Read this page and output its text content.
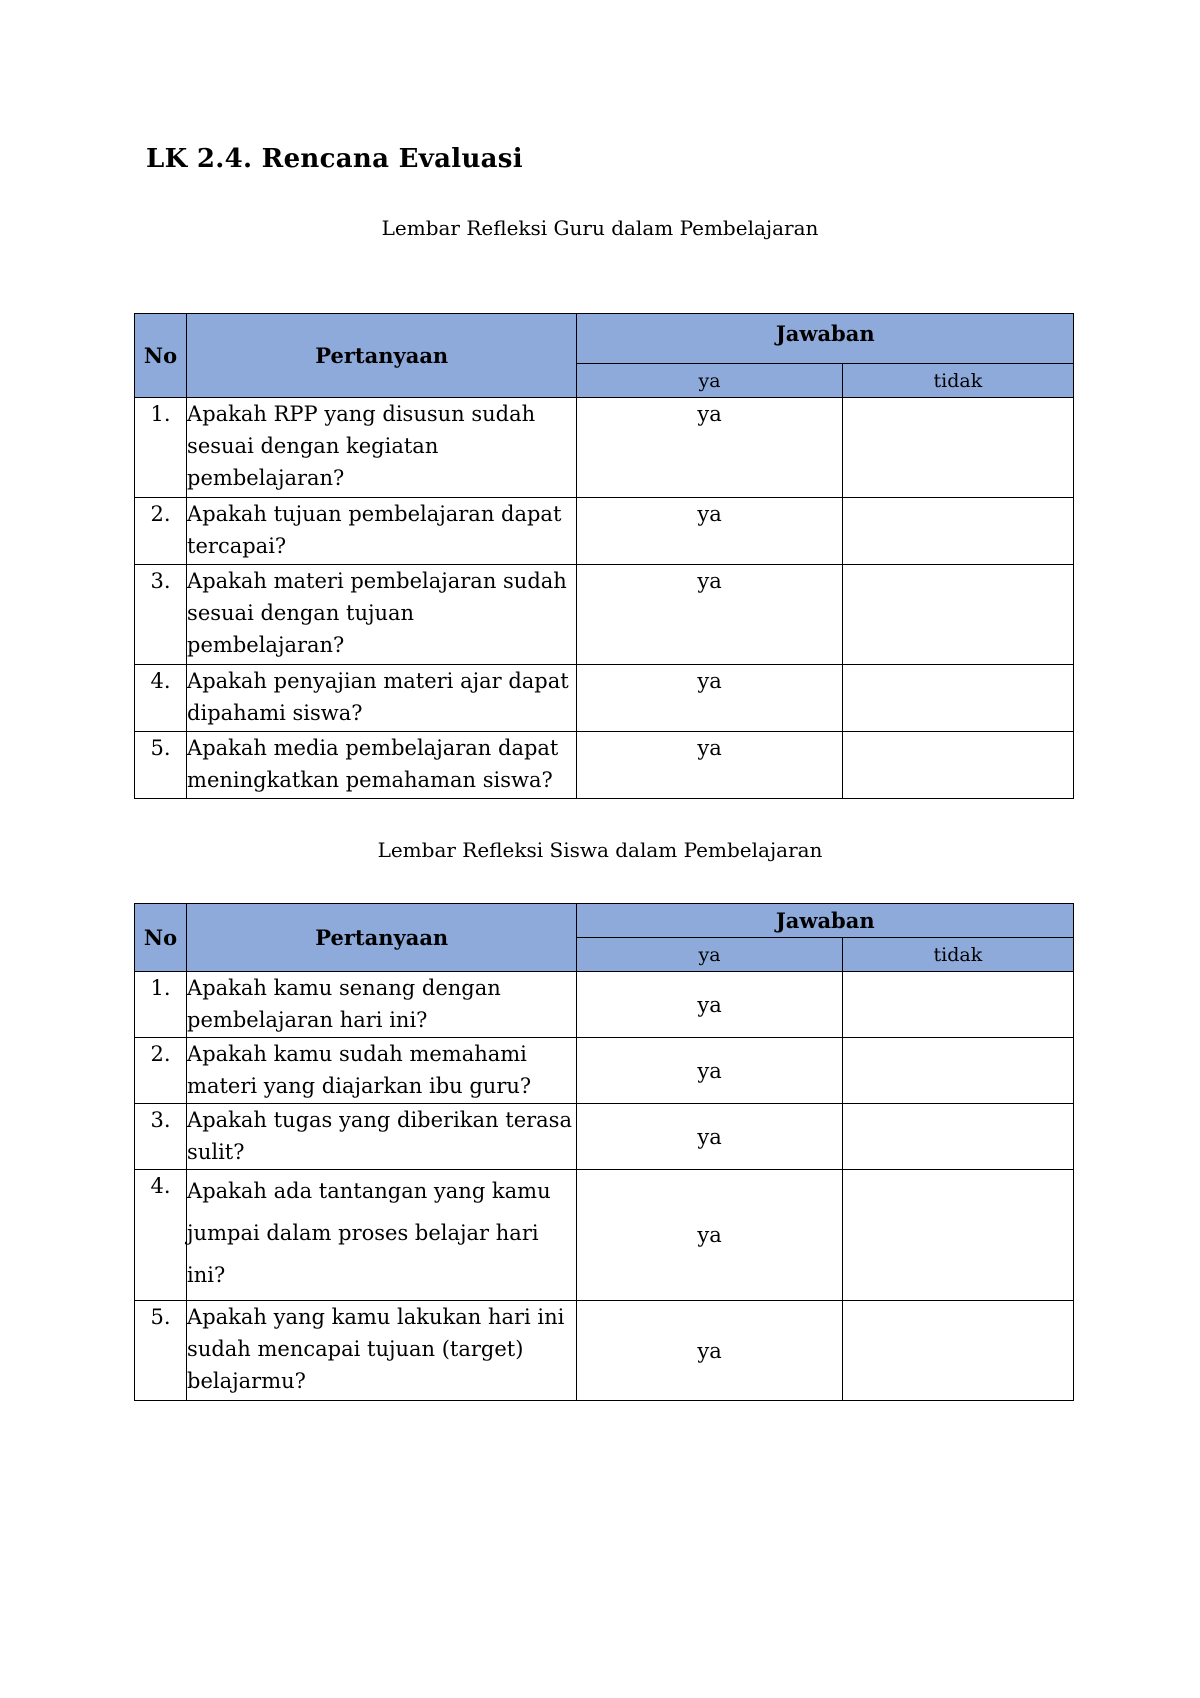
LK 2.4. Rencana Evaluasi
Lembar Refleksi Guru dalam Pembelajaran
No	Pertanyaan	Jawaban	
		ya	tidak
1.	Apakah RPP yang disusun sudah sesuai dengan kegiatan pembelajaran?	ya	
2.	Apakah tujuan pembelajaran dapat tercapai?	ya	
3.	Apakah materi pembelajaran sudah sesuai dengan tujuan pembelajaran?	ya	
4.	Apakah penyajian materi ajar dapat dipahami siswa?	ya	
5.	Apakah media pembelajaran dapat meningkatkan pemahaman siswa?	ya	
Lembar Refleksi Siswa dalam Pembelajaran
No	Pertanyaan	Jawaban	
		ya	tidak
1.	Apakah kamu senang dengan pembelajaran hari ini?	ya	
2.	Apakah kamu sudah memahami materi yang diajarkan ibu guru?	ya	
3.	Apakah tugas yang diberikan terasa sulit?	ya	
4.	Apakah ada tantangan yang kamu jumpai dalam proses belajar hari ini?	ya	
5.	Apakah yang kamu lakukan hari ini sudah mencapai tujuan (target) belajarmu?	ya	
